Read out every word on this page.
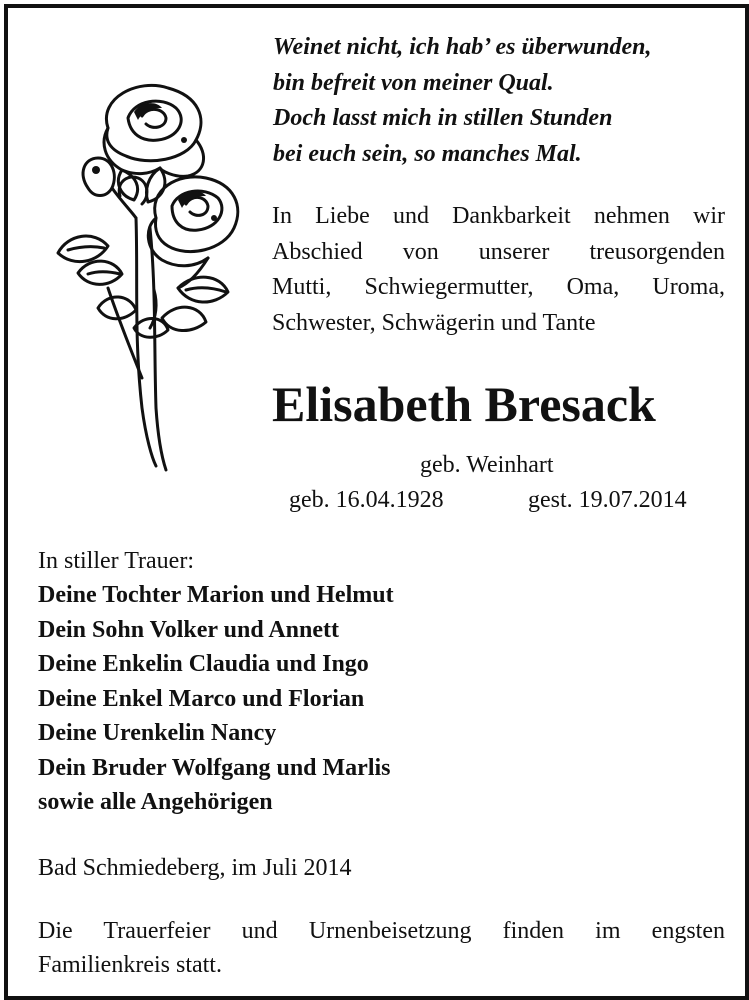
Weinet nicht, ich hab’ es überwunden,
bin befreit von meiner Qual.
Doch lasst mich in stillen Stunden
bei euch sein, so manches Mal.
In Liebe und Dankbarkeit nehmen wir
Abschied von unserer treusorgenden
Mutti, Schwiegermutter, Oma, Uroma,
Schwester, Schwägerin und Tante
Elisabeth Bresack
geb. Weinhart
geb. 16.04.1928	gest. 19.07.2014
In stiller Trauer:
Deine Tochter Marion und Helmut
Dein Sohn Volker und Annett
Deine Enkelin Claudia und Ingo
Deine Enkel Marco und Florian
Deine Urenkelin Nancy
Dein Bruder Wolfgang und Marlis
sowie alle Angehörigen
Bad Schmiedeberg, im Juli 2014
Die Trauerfeier und Urnenbeisetzung finden im engsten
Familienkreis statt.
